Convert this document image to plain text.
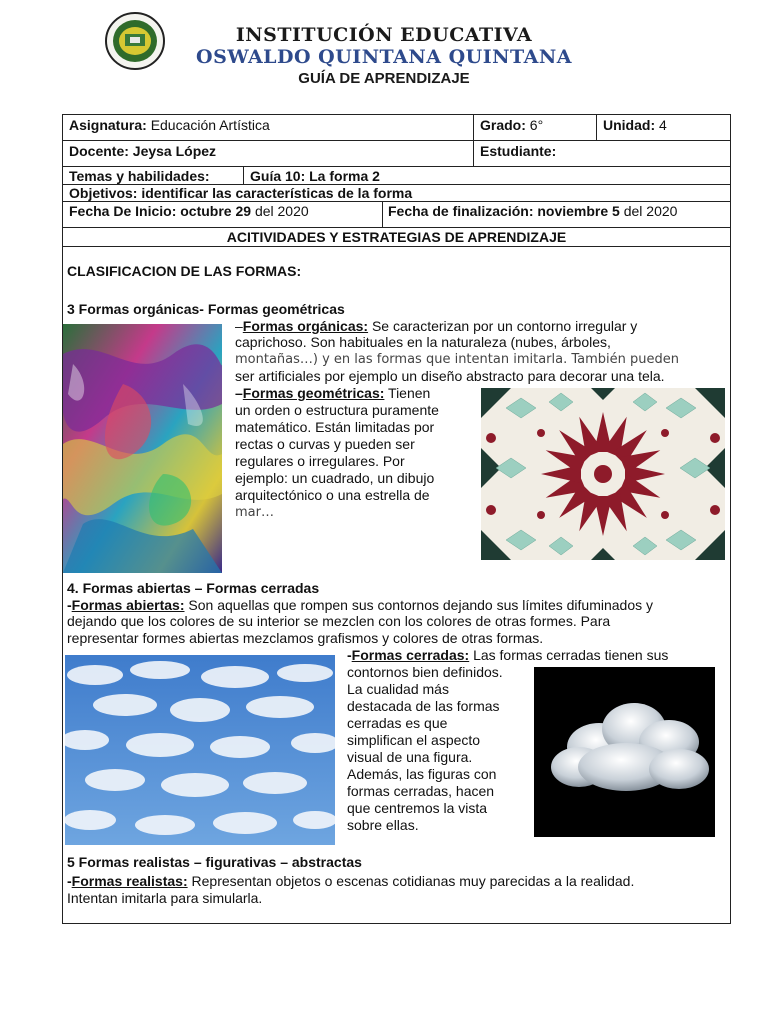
INSTITUCIÓN EDUCATIVA
OSWALDO QUINTANA QUINTANA
GUÍA DE APRENDIZAJE
Asignatura: Educación Artística	Grado: 6°	Unidad: 4
Docente: Jeysa López	Estudiante:
Temas y habilidades:	Guía 10: La forma 2
Objetivos: identificar las características de la forma
Fecha De Inicio: octubre 29 del 2020	Fecha de finalización: noviembre 5 del 2020
ACITIVIDADES Y ESTRATEGIAS DE APRENDIZAJE
CLASIFICACION DE LAS FORMAS:
3 Formas orgánicas- Formas geométricas
–Formas orgánicas: Se caracterizan por un contorno irregular y
caprichoso. Son habituales en la naturaleza (nubes, árboles,
montañas…) y en las formas que intentan imitarla. También pueden
ser artificiales por ejemplo un diseño abstracto para decorar una tela.
–Formas geométricas: Tienen
un orden o estructura puramente
matemático. Están limitadas por
rectas o curvas y pueden ser
regulares o irregulares. Por
ejemplo: un cuadrado, un dibujo
arquitectónico o una estrella de
mar…
4. Formas abiertas – Formas cerradas
-Formas abiertas: Son aquellas que rompen sus contornos dejando sus límites difuminados y
dejando que los colores de su interior se mezclen con los colores de otras formes. Para
representar formes abiertas mezclamos grafismos y colores de otras formas.
-Formas cerradas: Las formas cerradas tienen sus
contornos bien definidos.
La cualidad más
destacada de las formas
cerradas es que
simplifican el aspecto
visual de una figura.
Además, las figuras con
formas cerradas, hacen
que centremos la vista
sobre ellas.
5 Formas realistas – figurativas – abstractas
-Formas realistas: Representan objetos o escenas cotidianas muy parecidas a la realidad.
Intentan imitarla para simularla.
